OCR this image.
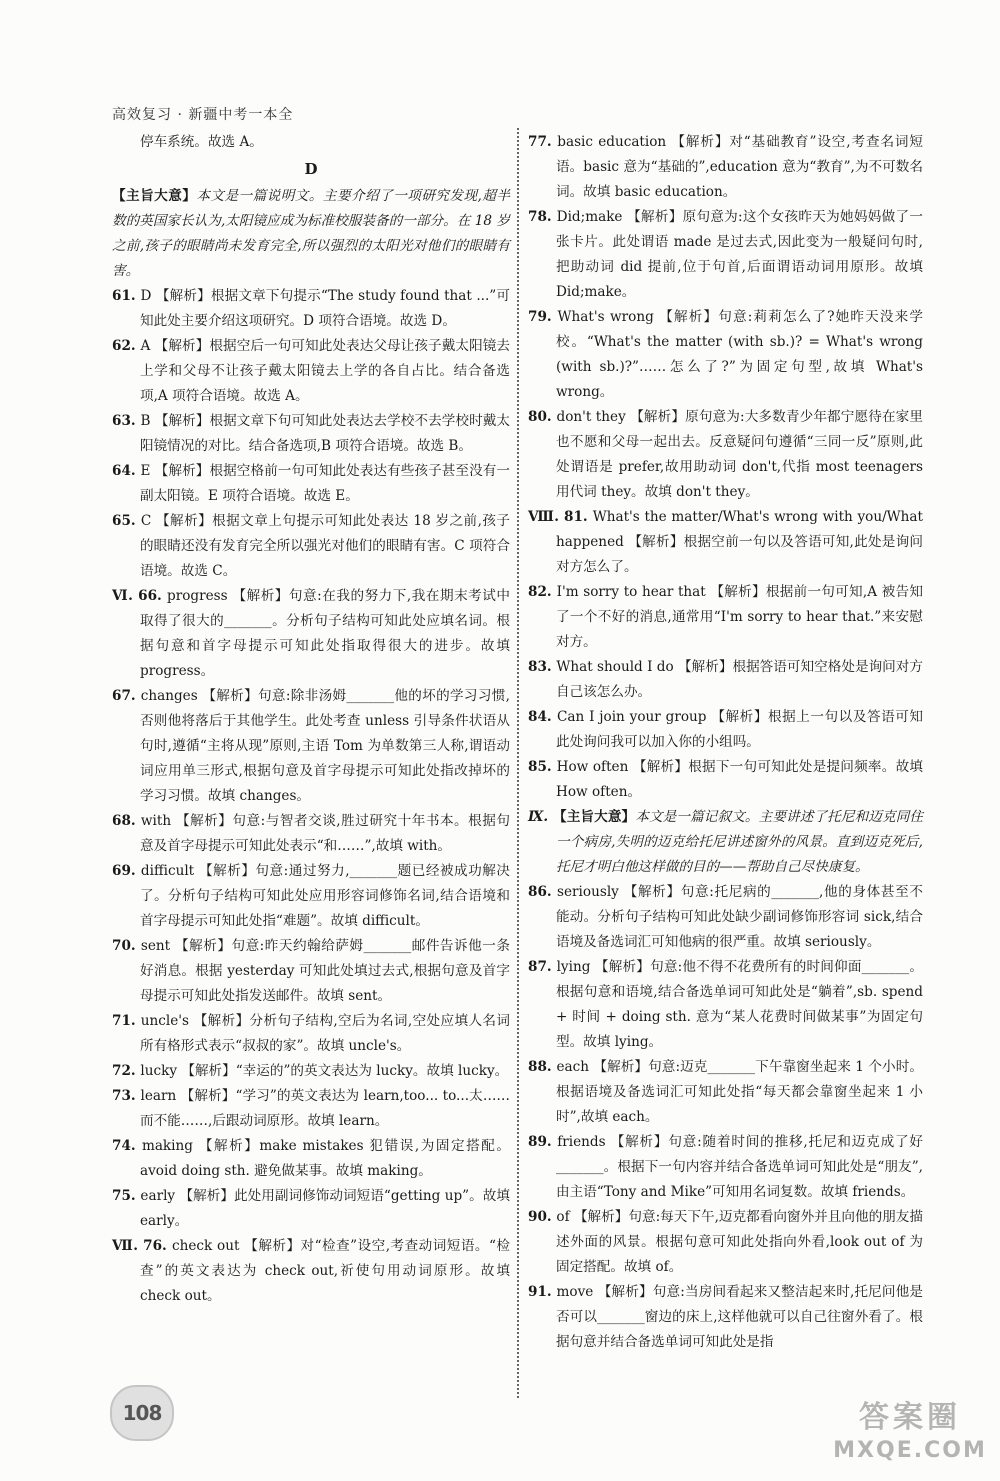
高效复习 · 新疆中考一本全

停车系统。故选 A。

D

【主旨大意】本文是一篇说明文。主要介绍了一项研究发现,超半数的英国家长认为,太阳镜应成为标准校服装备的一部分。在 18 岁之前,孩子的眼睛尚未发育完全,所以强烈的太阳光对他们的眼睛有害。

61. D 【解析】根据文章下句提示“The study found that ...”可知此处主要介绍这项研究。D 项符合语境。故选 D。

62. A 【解析】根据空后一句可知此处表达父母让孩子戴太阳镜去上学和父母不让孩子戴太阳镜去上学的各自占比。结合备选项,A 项符合语境。故选 A。

63. B 【解析】根据文章下句可知此处表达去学校不去学校时戴太阳镜情况的对比。结合备选项,B 项符合语境。故选 B。

64. E 【解析】根据空格前一句可知此处表达有些孩子甚至没有一副太阳镜。E 项符合语境。故选 E。

65. C 【解析】根据文章上句提示可知此处表达 18 岁之前,孩子的眼睛还没有发育完全所以强光对他们的眼睛有害。C 项符合语境。故选 C。

Ⅵ. 66. progress 【解析】句意:在我的努力下,我在期末考试中取得了很大的_______。分析句子结构可知此处应填名词。根据句意和首字母提示可知此处指取得很大的进步。故填 progress。

67. changes 【解析】句意:除非汤姆_______他的坏的学习习惯,否则他将落后于其他学生。此处考查 unless 引导条件状语从句时,遵循“主将从现”原则,主语 Tom 为单数第三人称,谓语动词应用单三形式,根据句意及首字母提示可知此处指改掉坏的学习习惯。故填 changes。

68. with 【解析】句意:与智者交谈,胜过研究十年书本。根据句意及首字母提示可知此处表示“和……”,故填 with。

69. difficult 【解析】句意:通过努力,_______题已经被成功解决了。分析句子结构可知此处应用形容词修饰名词,结合语境和首字母提示可知此处指“难题”。故填 difficult。

70. sent 【解析】句意:昨天约翰给萨姆_______邮件告诉他一条好消息。根据 yesterday 可知此处填过去式,根据句意及首字母提示可知此处指发送邮件。故填 sent。

71. uncle's 【解析】分析句子结构,空后为名词,空处应填人名词所有格形式表示“叔叔的家”。故填 uncle's。

72. lucky 【解析】“幸运的”的英文表达为 lucky。故填 lucky。

73. learn 【解析】“学习”的英文表达为 learn,too... to...太……而不能……,后跟动词原形。故填 learn。

74. making 【解析】make mistakes 犯错误,为固定搭配。avoid doing sth. 避免做某事。故填 making。

75. early 【解析】此处用副词修饰动词短语“getting up”。故填 early。

Ⅶ. 76. check out 【解析】对“检查”设空,考查动词短语。“检查”的英文表达为 check out,祈使句用动词原形。故填 check out。

77. basic education 【解析】对“基础教育”设空,考查名词短语。basic 意为“基础的”,education 意为“教育”,为不可数名词。故填 basic education。

78. Did;make 【解析】原句意为:这个女孩昨天为她妈妈做了一张卡片。此处谓语 made 是过去式,因此变为一般疑问句时,把助动词 did 提前,位于句首,后面谓语动词用原形。故填 Did;make。

79. What's wrong 【解析】句意:莉莉怎么了?她昨天没来学校。“What's the matter (with sb.)? = What's wrong (with sb.)?”……怎么了?”为固定句型,故填 What's wrong。

80. don't they 【解析】原句意为:大多数青少年都宁愿待在家里也不愿和父母一起出去。反意疑问句遵循“三同一反”原则,此处谓语是 prefer,故用助动词 don't,代指 most teenagers 用代词 they。故填 don't they。

Ⅷ. 81. What's the matter/What's wrong with you/What happened 【解析】根据空前一句以及答语可知,此处是询问对方怎么了。

82. I'm sorry to hear that 【解析】根据前一句可知,A 被告知了一个不好的消息,通常用“I'm sorry to hear that.”来安慰对方。

83. What should I do 【解析】根据答语可知空格处是询问对方自己该怎么办。

84. Can I join your group 【解析】根据上一句以及答语可知此处询问我可以加入你的小组吗。

85. How often 【解析】根据下一句可知此处是提问频率。故填 How often。

Ⅸ. 【主旨大意】本文是一篇记叙文。主要讲述了托尼和迈克同住一个病房,失明的迈克给托尼讲述窗外的风景。直到迈克死后,托尼才明白他这样做的目的——帮助自己尽快康复。

86. seriously 【解析】句意:托尼病的_______,他的身体甚至不能动。分析句子结构可知此处缺少副词修饰形容词 sick,结合语境及备选词汇可知他病的很严重。故填 seriously。

87. lying 【解析】句意:他不得不花费所有的时间仰面_______。根据句意和语境,结合备选单词可知此处是“躺着”,sb. spend + 时间 + doing sth. 意为“某人花费时间做某事”为固定句型。故填 lying。

88. each 【解析】句意:迈克_______下午靠窗坐起来 1 个小时。根据语境及备选词汇可知此处指“每天都会靠窗坐起来 1 小时”,故填 each。

89. friends 【解析】句意:随着时间的推移,托尼和迈克成了好_______。根据下一句内容并结合备选单词可知此处是“朋友”,由主语“Tony and Mike”可知用名词复数。故填 friends。

90. of 【解析】句意:每天下午,迈克都看向窗外并且向他的朋友描述外面的风景。根据句意可知此处指向外看,look out of 为固定搭配。故填 of。

91. move 【解析】句意:当房间看起来又整洁起来时,托尼问他是否可以_______窗边的床上,这样他就可以自己往窗外看了。根据句意并结合备选单词可知此处是指

108	答案圈
MXQE.COM
